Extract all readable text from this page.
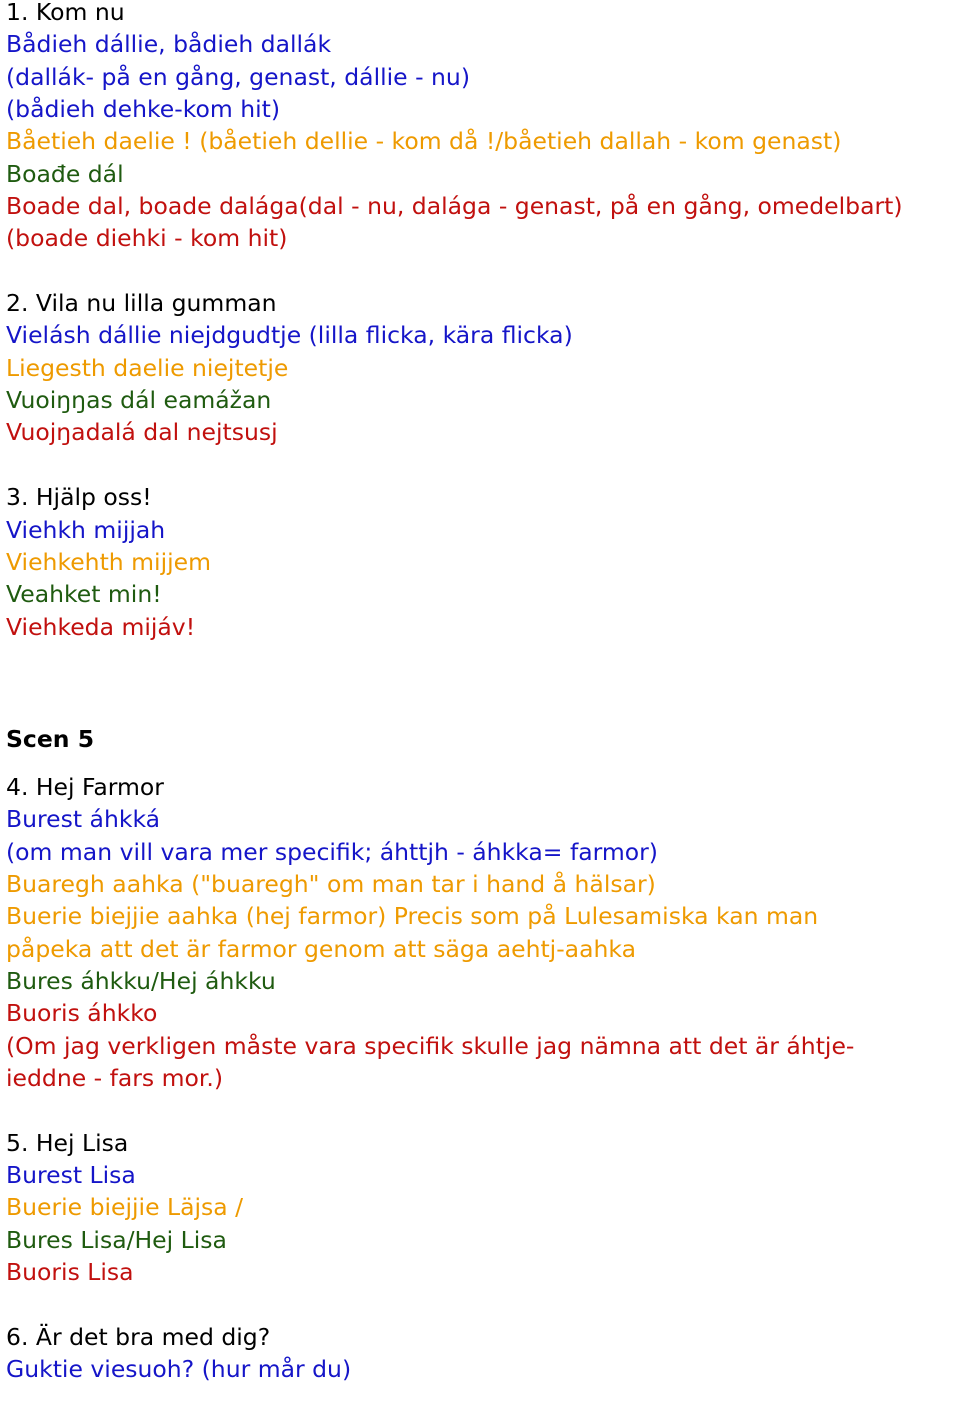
1. Kom nu
Bådieh dállie, bådieh dallák
(dallák- på en gång, genast, dállie - nu)
(bådieh dehke-kom hit)
Båetieh daelie ! (båetieh dellie - kom då !/båetieh dallah - kom genast)
Boađe dál
Boade dal, boade dalága(dal - nu, dalága - genast, på en gång, omedelbart)
(boade diehki - kom hit)
2. Vila nu lilla gumman
Vielásh dállie niejdgudtje (lilla flicka, kära flicka)
Liegesth daelie niejtetje
Vuoiŋŋas dál eamážan
Vuojŋadalá dal nejtsusj
3. Hjälp oss!
Viehkh mijjah
Viehkehth mijjem
Veahket min!
Viehkeda mijáv!
Scen 5
4. Hej Farmor
Burest áhkká
(om man vill vara mer specifik; áhttjh - áhkka= farmor)
Buaregh aahka ("buaregh" om man tar i hand å hälsar)
Buerie biejjie aahka (hej farmor) Precis som på Lulesamiska kan man
påpeka att det är farmor genom att säga aehtj-aahka
Bures áhkku/Hej áhkku
Buoris áhkko
(Om jag verkligen måste vara specifik skulle jag nämna att det är áhtje-
ieddne - fars mor.)
5. Hej Lisa
Burest Lisa
Buerie biejjie Läjsa /
Bures Lisa/Hej Lisa
Buoris Lisa
6. Är det bra med dig?
Guktie viesuoh? (hur mår du)
